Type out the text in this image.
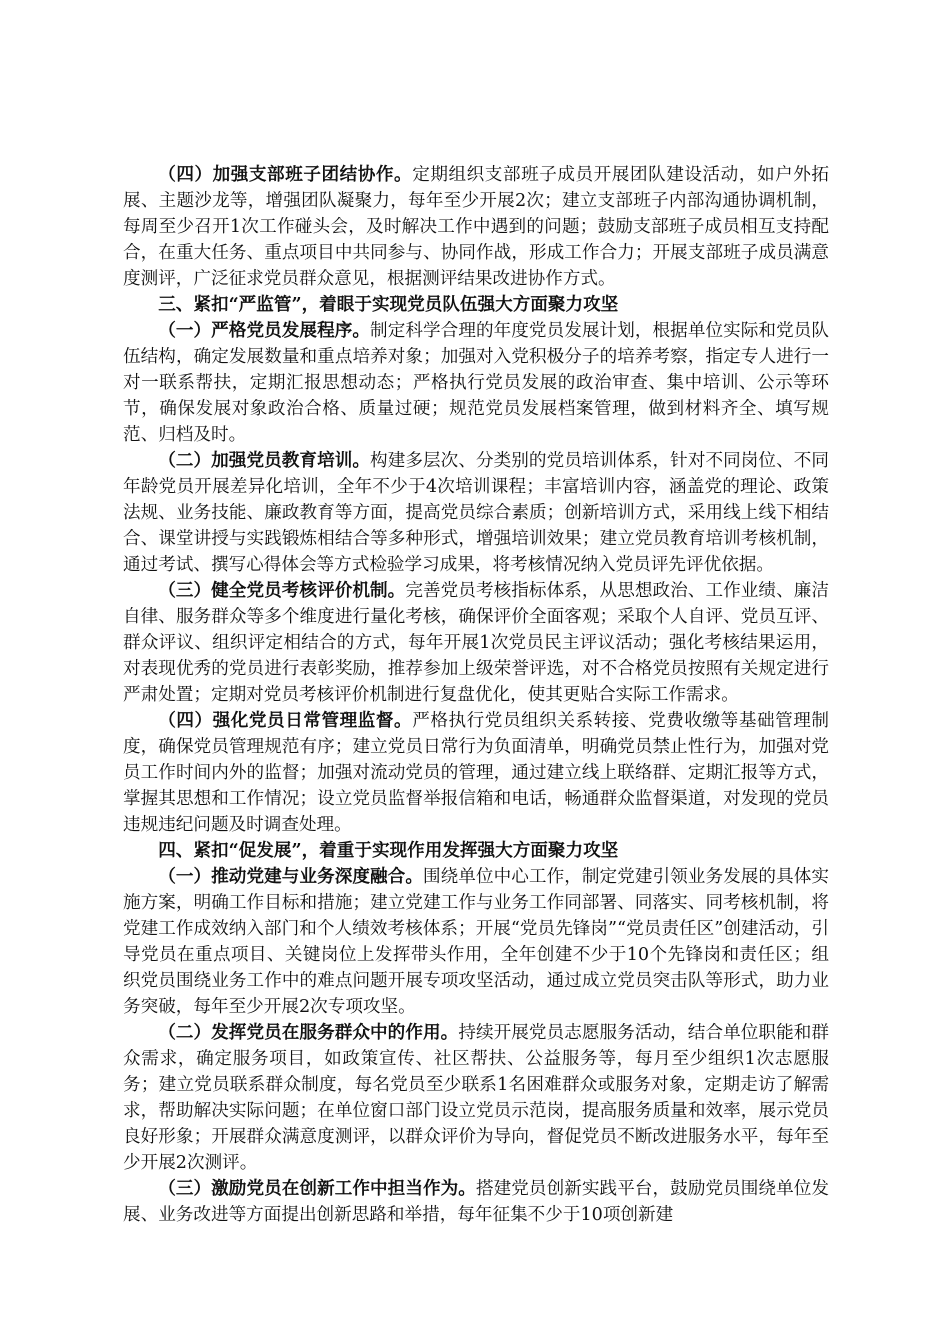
（四）加强支部班子团结协作。定期组织支部班子成员开展团队建设活动，如户外拓展、主题沙龙等，增强团队凝聚力，每年至少开展2次；建立支部班子内部沟通协调机制，每周至少召开1次工作碰头会，及时解决工作中遇到的问题；鼓励支部班子成员相互支持配合，在重大任务、重点项目中共同参与、协同作战，形成工作合力；开展支部班子成员满意度测评，广泛征求党员群众意见，根据测评结果改进协作方式。

三、紧扣“严监管”，着眼于实现党员队伍强大方面聚力攻坚

（一）严格党员发展程序。制定科学合理的年度党员发展计划，根据单位实际和党员队伍结构，确定发展数量和重点培养对象；加强对入党积极分子的培养考察，指定专人进行一对一联系帮扶，定期汇报思想动态；严格执行党员发展的政治审查、集中培训、公示等环节，确保发展对象政治合格、质量过硬；规范党员发展档案管理，做到材料齐全、填写规范、归档及时。

（二）加强党员教育培训。构建多层次、分类别的党员培训体系，针对不同岗位、不同年龄党员开展差异化培训，全年不少于4次培训课程；丰富培训内容，涵盖党的理论、政策法规、业务技能、廉政教育等方面，提高党员综合素质；创新培训方式，采用线上线下相结合、课堂讲授与实践锻炼相结合等多种形式，增强培训效果；建立党员教育培训考核机制，通过考试、撰写心得体会等方式检验学习成果，将考核情况纳入党员评先评优依据。

（三）健全党员考核评价机制。完善党员考核指标体系，从思想政治、工作业绩、廉洁自律、服务群众等多个维度进行量化考核，确保评价全面客观；采取个人自评、党员互评、群众评议、组织评定相结合的方式，每年开展1次党员民主评议活动；强化考核结果运用，对表现优秀的党员进行表彰奖励，推荐参加上级荣誉评选，对不合格党员按照有关规定进行严肃处置；定期对党员考核评价机制进行复盘优化，使其更贴合实际工作需求。

（四）强化党员日常管理监督。严格执行党员组织关系转接、党费收缴等基础管理制度，确保党员管理规范有序；建立党员日常行为负面清单，明确党员禁止性行为，加强对党员工作时间内外的监督；加强对流动党员的管理，通过建立线上联络群、定期汇报等方式，掌握其思想和工作情况；设立党员监督举报信箱和电话，畅通群众监督渠道，对发现的党员违规违纪问题及时调查处理。

四、紧扣“促发展”，着重于实现作用发挥强大方面聚力攻坚

（一）推动党建与业务深度融合。围绕单位中心工作，制定党建引领业务发展的具体实施方案，明确工作目标和措施；建立党建工作与业务工作同部署、同落实、同考核机制，将党建工作成效纳入部门和个人绩效考核体系；开展“党员先锋岗”“党员责任区”创建活动，引导党员在重点项目、关键岗位上发挥带头作用，全年创建不少于10个先锋岗和责任区；组织党员围绕业务工作中的难点问题开展专项攻坚活动，通过成立党员突击队等形式，助力业务突破，每年至少开展2次专项攻坚。

（二）发挥党员在服务群众中的作用。持续开展党员志愿服务活动，结合单位职能和群众需求，确定服务项目，如政策宣传、社区帮扶、公益服务等，每月至少组织1次志愿服务；建立党员联系群众制度，每名党员至少联系1名困难群众或服务对象，定期走访了解需求，帮助解决实际问题；在单位窗口部门设立党员示范岗，提高服务质量和效率，展示党员良好形象；开展群众满意度测评，以群众评价为导向，督促党员不断改进服务水平，每年至少开展2次测评。

（三）激励党员在创新工作中担当作为。搭建党员创新实践平台，鼓励党员围绕单位发展、业务改进等方面提出创新思路和举措，每年征集不少于10项创新建
